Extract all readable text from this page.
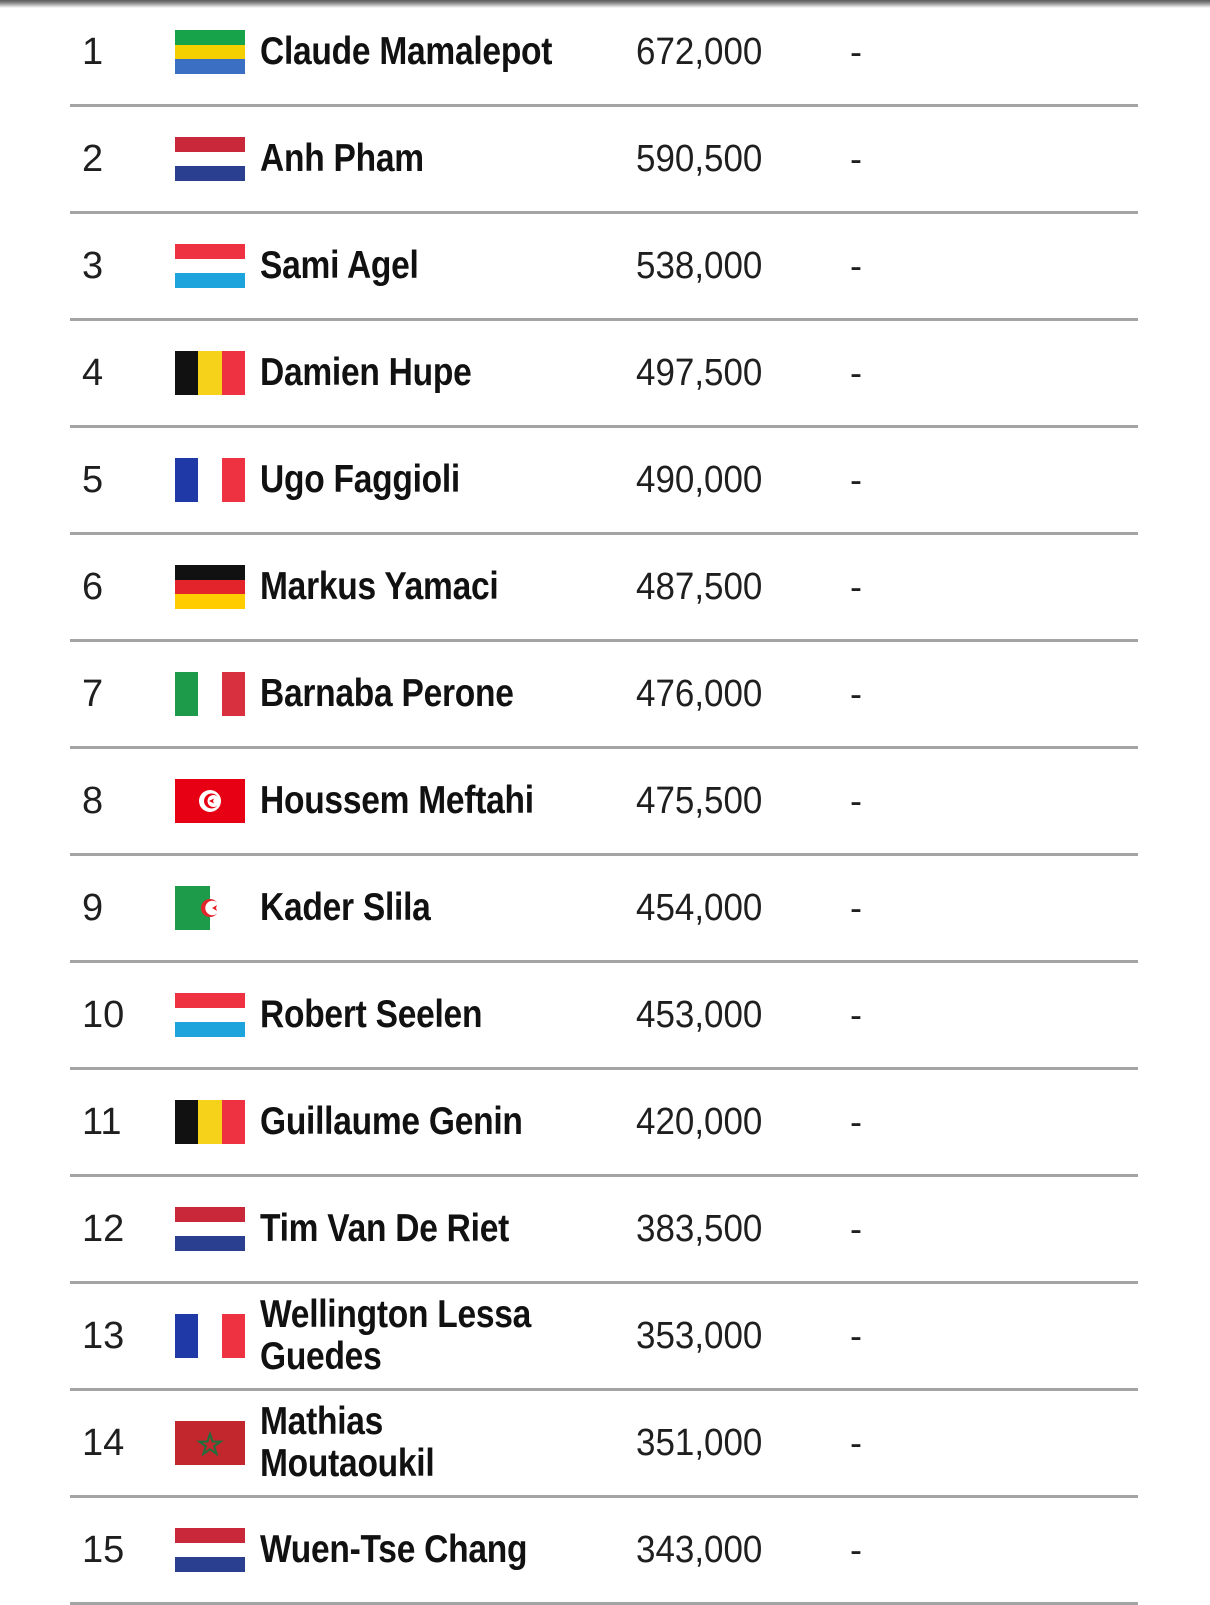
1	Claude Mamalepot 672,000 -
2	Anh Pham	590,500 -
3	Sami Agel	538,000 -
4	Damien Hupe	497,500 -
5	Ugo Faggioli	490,000 -
6	Markus Yamaci	487,500 -
7	Barnaba Perone	476,000 -
8	Houssem Meftahi	475,500 -
9	Kader Slila	454,000 -
10	Robert Seelen	453,000 -
11	Guillaume Genin	420,000 -
12	Tim Van De Riet	383,500 -
13	Wellington Lessa Guedes	353,000 -
14	Mathias Moutaoukil	351,000 -
15	Wuen-Tse Chang	343,000 -
